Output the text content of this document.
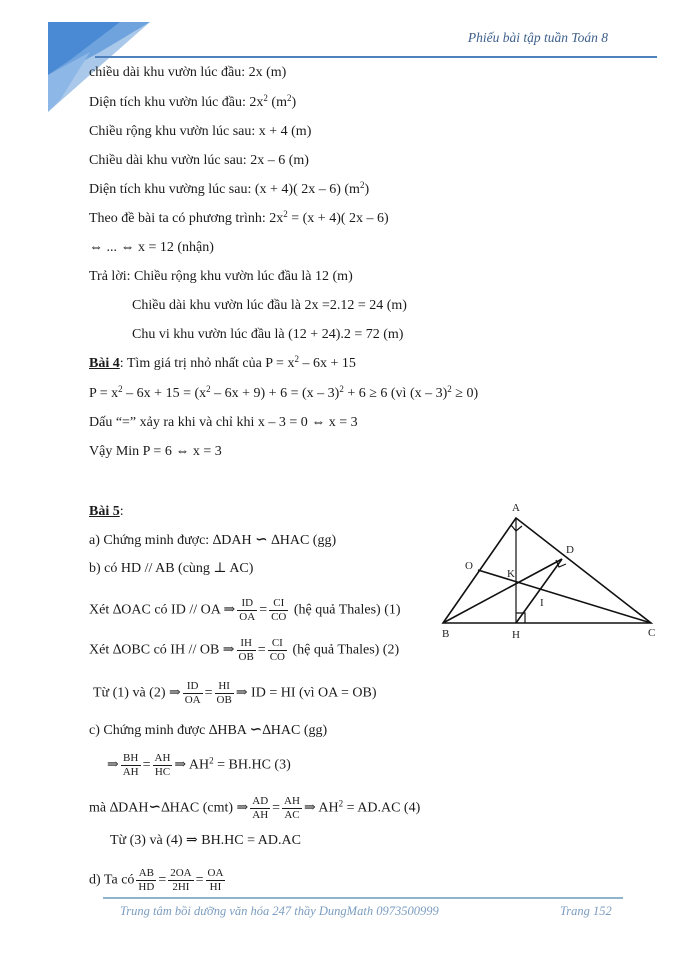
Phiếu bài tập tuần Toán 8
chiều dài khu vườn lúc đầu: 2x (m)
Diện tích khu vườn lúc đầu: $2x^2$ $(m^2)$
Chiều rộng khu vườn lúc sau: x + 4 (m)
Chiều dài khu vườn lúc sau: 2x – 6 (m)
Diện tích khu vường lúc sau: (x + 4)( 2x – 6) $(m^2)$
Theo đề bài ta có phương trình: $2x^2 = (x + 4)$( 2x – 6)
⇔ ... ⇔ x = 12 (nhận)
Trả lời: Chiều rộng khu vườn lúc đầu là 12 (m)
Chiều dài khu vườn lúc đầu là 2x =2.12 = 24 (m)
Chu vi khu vườn lúc đầu là (12 + 24).2 = 72 (m)
Bài 4: Tìm giá trị nhỏ nhất của $P = x^2 - 6x + 15$
$P = x^2 - 6x + 15 = (x^2 - 6x + 9) + 6 = (x - 3)^2 + 6 \ge 6$ (vì (x – 3)$^2$ ≥ 0)
Dấu “=” xảy ra khi và chỉ khi x – 3 = 0 ⇔ x = 3
Vậy Min P = 6 ⇔ x = 3
Bài 5:
a) Chứng minh được: ∆DAH ∽ ∆HAC (gg)
b) có HD // AB (cùng ⊥ AC)
Xét ∆OAC có ID // OA ⇒ $\frac{ID}{OA} = \frac{CI}{CO}$ (hệ quả Thales) (1)
Xét ∆OBC có IH // OB ⇒ $\frac{IH}{OB} = \frac{CI}{CO}$ (hệ quả Thales) (2)
Từ (1) và (2) ⇒ $\frac{ID}{OA} = \frac{HI}{OB}$ ⇒ ID = HI (vì OA = OB)
c) Chứng minh được ∆HBA ∽∆HAC (gg)
⇒ $\frac{BH}{AH} = \frac{AH}{HC}$ ⇒ $AH^2 = BH.HC$ (3)
mà ∆DAH∽∆HAC (cmt) ⇒ $\frac{AD}{AH} = \frac{AH}{AC}$ ⇒ $AH^2 = AD.AC$ (4)
Từ (3) và (4) ⇒ BH.HC = AD.AC
d) Ta có $\frac{AB}{HD} = \frac{2OA}{2HI} = \frac{OA}{HI}$
A
D
O
K
I
B	H	C
Trung tâm bồi dưỡng văn hóa 247 thầy DungMath 0973500999	Trang 152
